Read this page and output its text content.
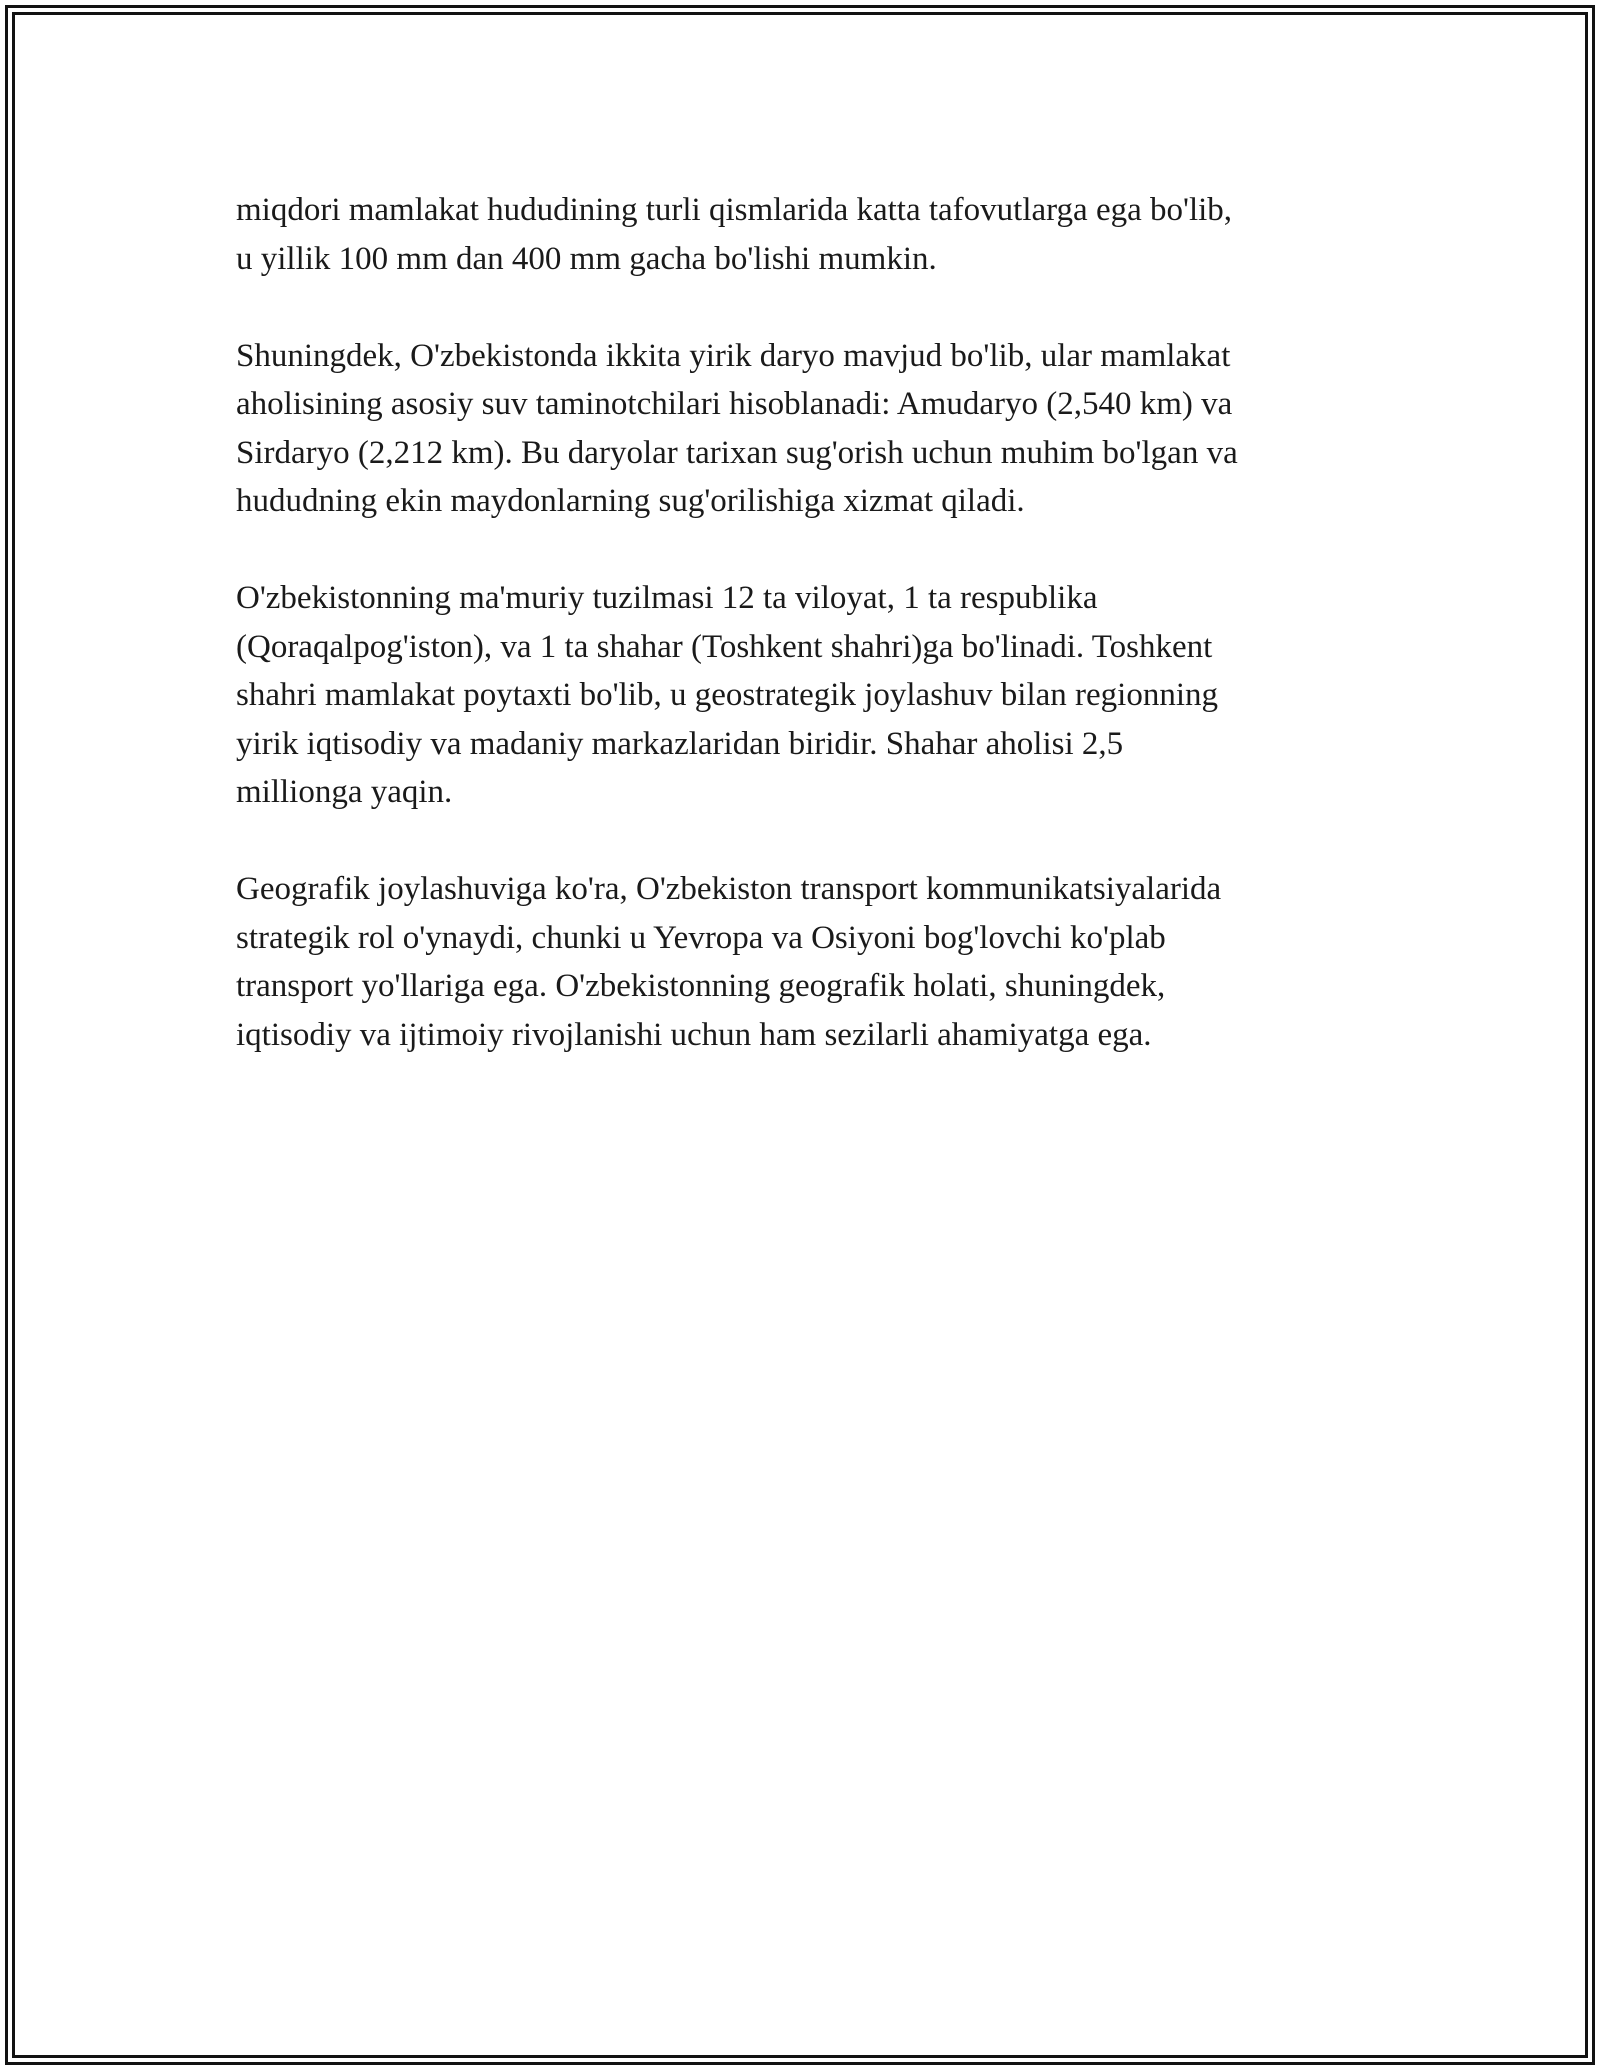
miqdori mamlakat hududining turli qismlarida katta tafovutlarga ega bo'lib,
u yillik 100 mm dan 400 mm gacha bo'lishi mumkin.

Shuningdek, O'zbekistonda ikkita yirik daryo mavjud bo'lib, ular mamlakat
aholisining asosiy suv taminotchilari hisoblanadi: Amudaryo (2,540 km) va
Sirdaryo (2,212 km). Bu daryolar tarixan sug'orish uchun muhim bo'lgan va
hududning ekin maydonlarning sug'orilishiga xizmat qiladi.

O'zbekistonning ma'muriy tuzilmasi 12 ta viloyat, 1 ta respublika
(Qoraqalpog'iston), va 1 ta shahar (Toshkent shahri)ga bo'linadi. Toshkent
shahri mamlakat poytaxti bo'lib, u geostrategik joylashuv bilan regionning
yirik iqtisodiy va madaniy markazlaridan biridir. Shahar aholisi 2,5
millionga yaqin.

Geografik joylashuviga ko'ra, O'zbekiston transport kommunikatsiyalarida
strategik rol o'ynaydi, chunki u Yevropa va Osiyoni bog'lovchi ko'plab
transport yo'llariga ega. O'zbekistonning geografik holati, shuningdek,
iqtisodiy va ijtimoiy rivojlanishi uchun ham sezilarli ahamiyatga ega.
